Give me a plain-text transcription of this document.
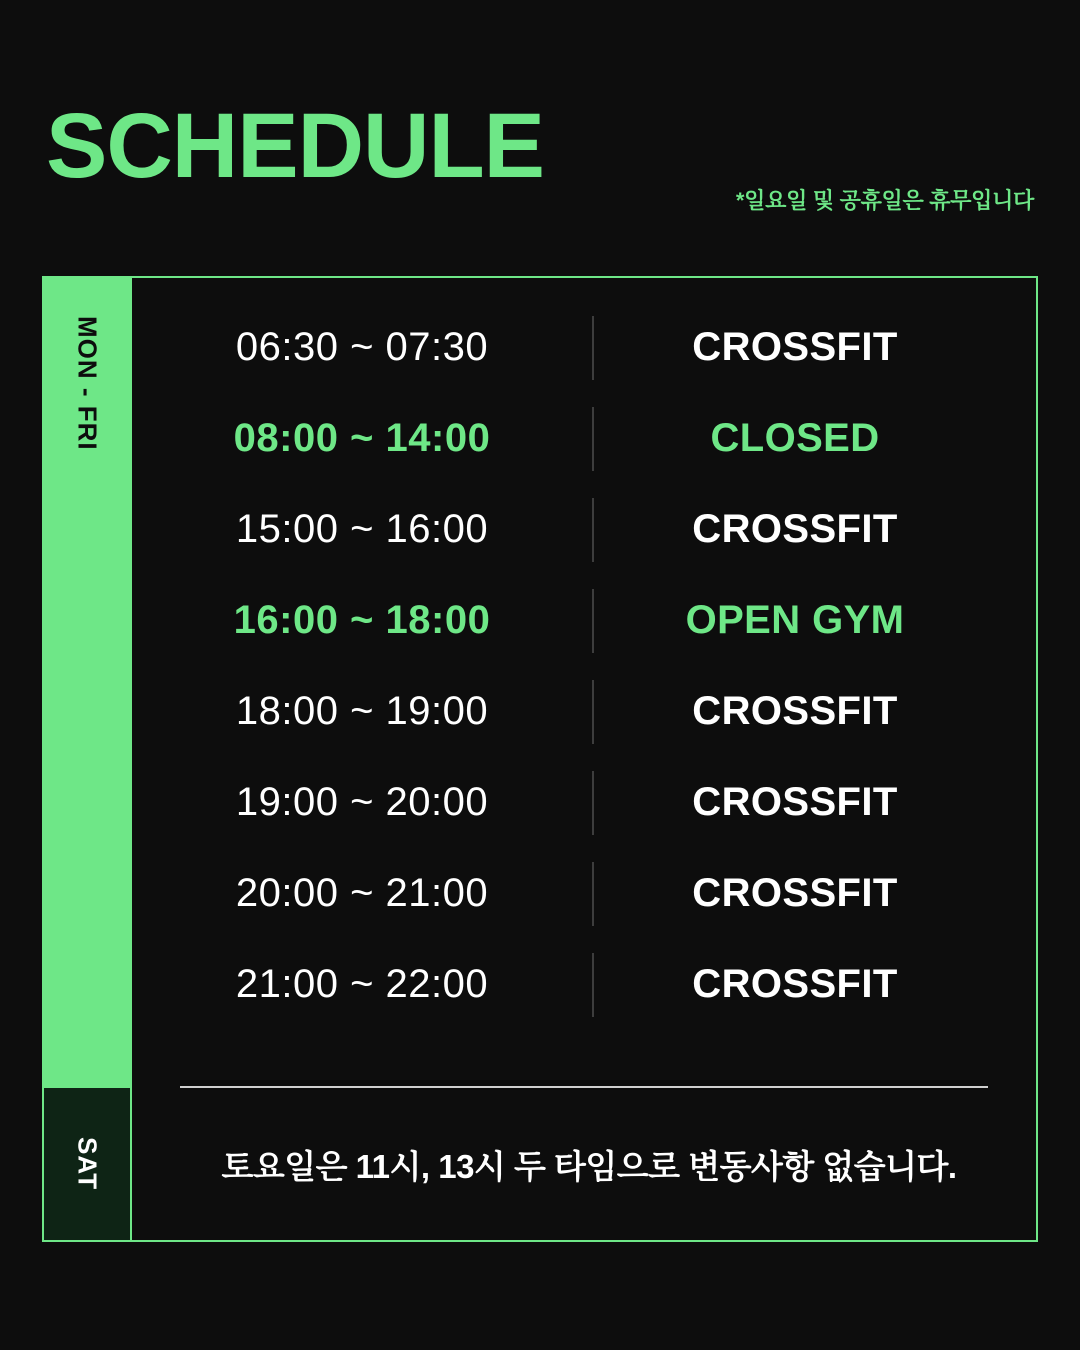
SCHEDULE
*일요일 및 공휴일은 휴무입니다
MON - FRI
SAT
06:30 ~ 07:30	CROSSFIT
08:00 ~ 14:00	CLOSED
15:00 ~ 16:00	CROSSFIT
16:00 ~ 18:00	OPEN GYM
18:00 ~ 19:00	CROSSFIT
19:00 ~ 20:00	CROSSFIT
20:00 ~ 21:00	CROSSFIT
21:00 ~ 22:00	CROSSFIT
토요일은 11시, 13시 두 타임으로 변동사항 없습니다.
